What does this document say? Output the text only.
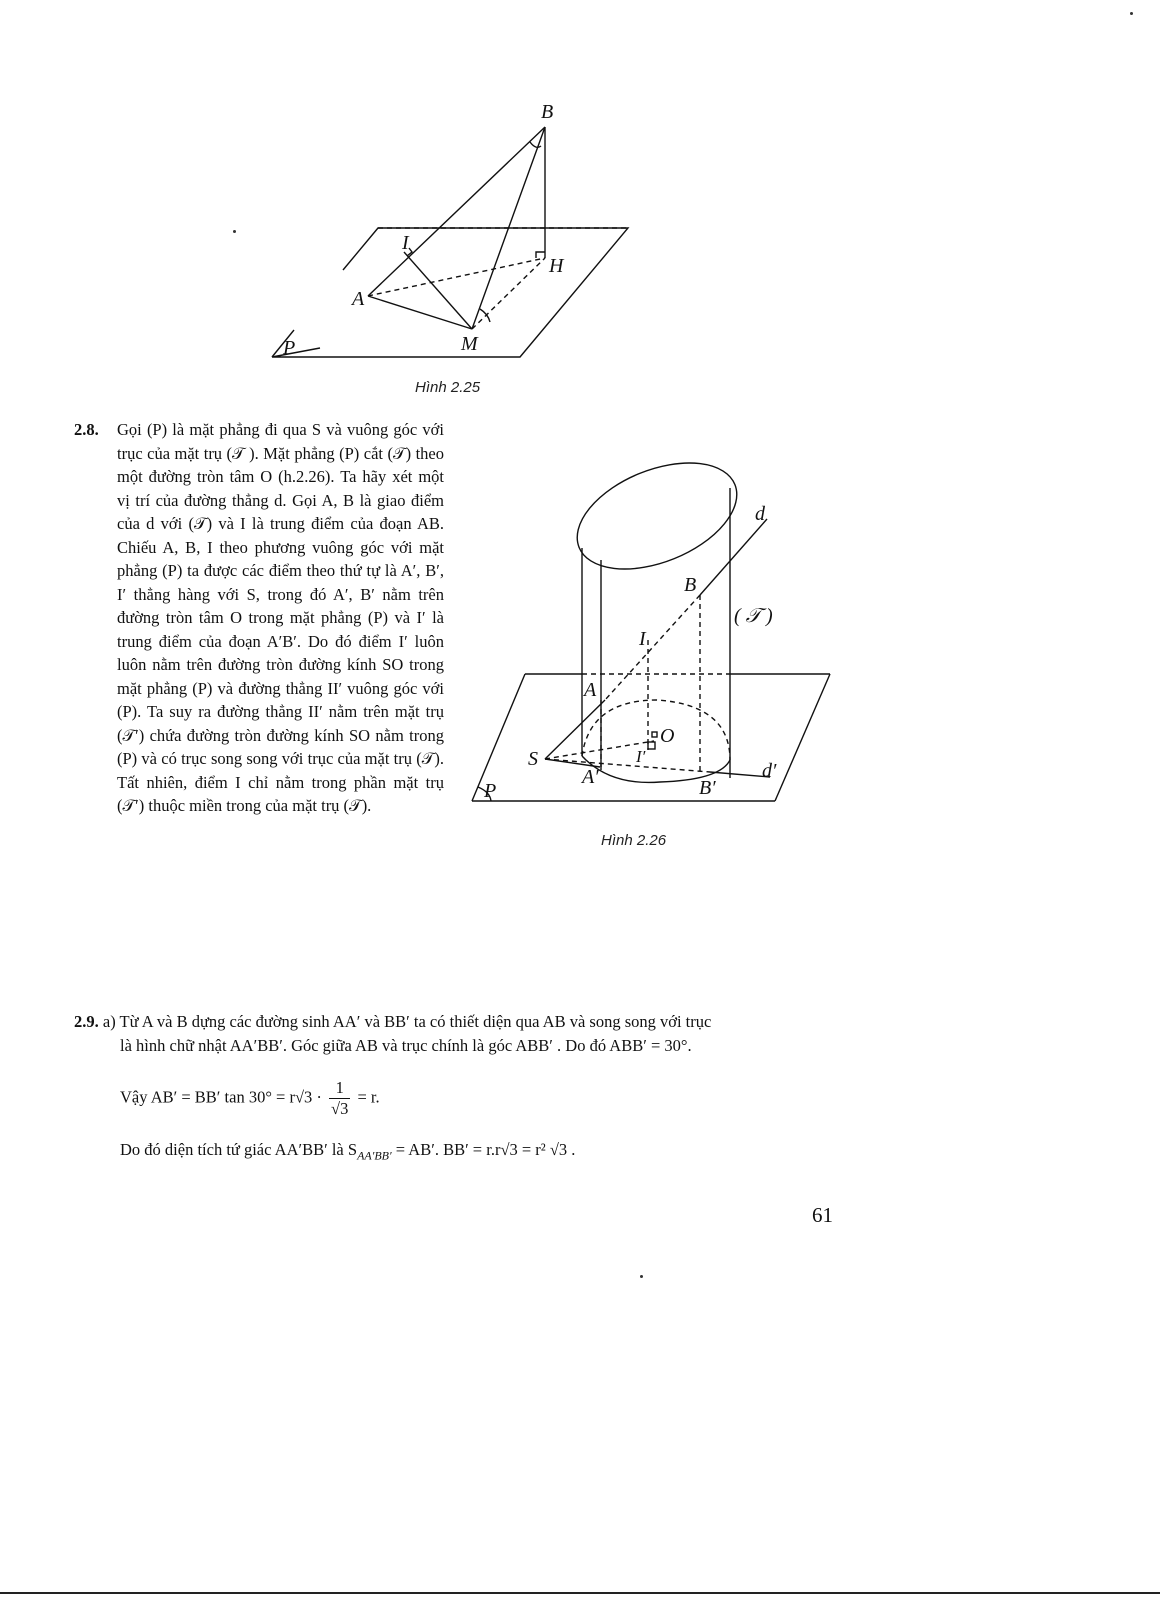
B
I
H
A
M
P
Hình 2.25
d
B
( 𝒯 )
I
A
O
S	I′
A′	B′
d′
P
Hình 2.26
2.8. Gọi (P) là mặt phẳng đi qua S và vuông góc với trục của mặt trụ (𝒯 ). Mặt phẳng (P) cắt (𝒯) theo một đường tròn tâm O (h.2.26). Ta hãy xét một vị trí của đường thẳng d. Gọi A, B là giao điểm của d với (𝒯) và I là trung điểm của đoạn AB. Chiếu A, B, I theo phương vuông góc với mặt phẳng (P) ta được các điểm theo thứ tự là A′, B′, I′ thẳng hàng với S, trong đó A′, B′ nằm trên đường tròn tâm O trong mặt phẳng (P) và I′ là trung điểm của đoạn A′B′. Do đó điểm I′ luôn luôn nằm trên đường tròn đường kính SO trong mặt phẳng (P) và đường thẳng II′ vuông góc với (P). Ta suy ra đường thẳng II′ nằm trên mặt trụ (𝒯′) chứa đường tròn đường kính SO nằm trong (P) và có trục song song với trục của mặt trụ (𝒯). Tất nhiên, điểm I chỉ nằm trong phần mặt trụ (𝒯′) thuộc miền trong của mặt trụ (𝒯).
2.9. a) Từ A và B dựng các đường sinh AA′ và BB′ ta có thiết diện qua AB và song song với trục
là hình chữ nhật AA′BB′. Góc giữa AB và trục chính là góc ABB′ . Do đó ABB′ = 30°.
Vậy AB′ = BB′ $\tan 30^\circ = r√3 \cdot \frac{1}{√3} = r$.
Do đó diện tích tứ giác AA′BB′ là $S_{AA'BB'} = AB'$. BB′ = r.r√3 = r² √3 .
61
